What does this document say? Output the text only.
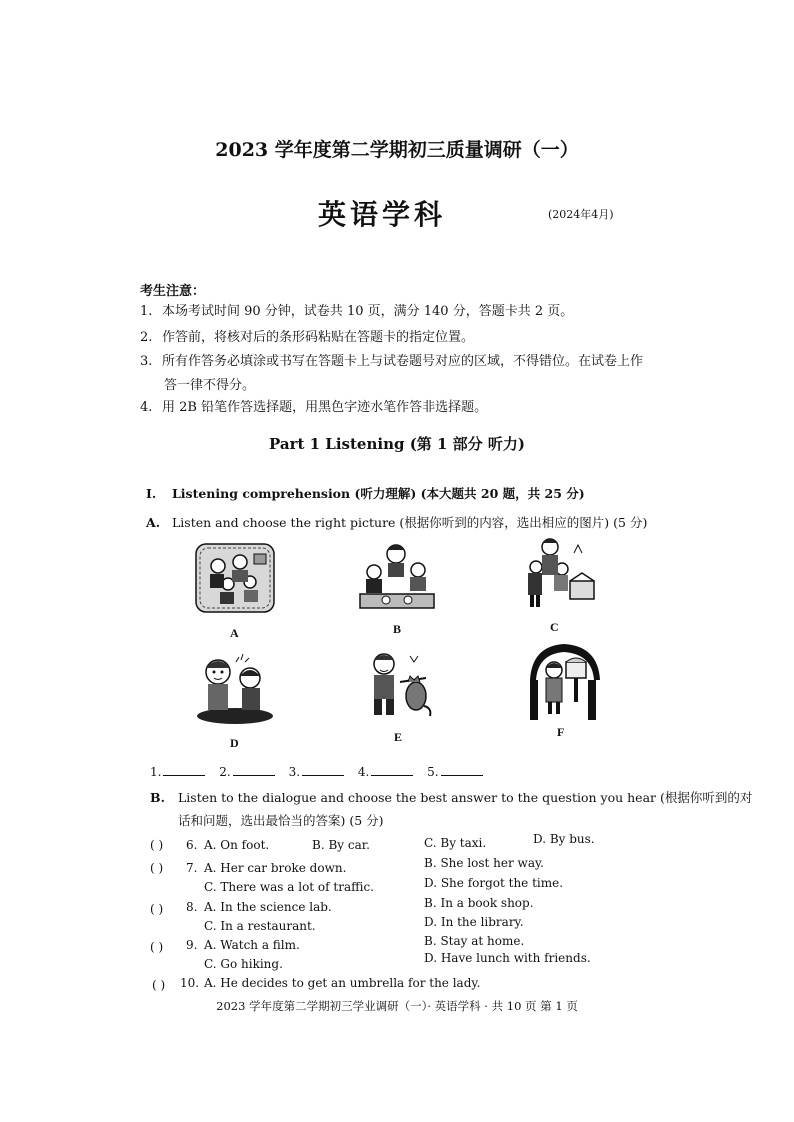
2023 学年度第二学期初三质量调研（一）
英语学科	(2024年4月)
考生注意：
1. 本场考试时间 90 分钟，试卷共 10 页，满分 140 分，答题卡共 2 页。
2. 作答前，将核对后的条形码粘贴在答题卡的指定位置。
3. 所有作答务必填涂或书写在答题卡上与试卷题号对应的区域，不得错位。在试卷上作
答一律不得分。
4. 用 2B 铅笔作答选择题，用黑色字迹水笔作答非选择题。
Part 1 Listening (第 1 部分 听力)
I. Listening comprehension (听力理解) (本大题共 20 题，共 25 分)
A. Listen and choose the right picture (根据你听到的内容，选出相应的图片) (5 分)
A	B	C
D	E	F
1.	2.	3.	4.	5.
B. Listen to the dialogue and choose the best answer to the question you hear (根据你听到的对
话和问题，选出最恰当的答案) (5 分)
( )	6. A. On foot.	B. By car.	C. By taxi.	D. By bus.
( )	7. A. Her car broke down.	B. She lost her way.
C. There was a lot of traffic.	D. She forgot the time.
( )	8. A. In the science lab.	B. In a book shop.
C. In a restaurant.	D. In the library.
( )	9. A. Watch a film.	B. Stay at home.
C. Go hiking.	D. Have lunch with friends.
( )	10. A. He decides to get an umbrella for the lady.
2023 学年度第二学期初三学业调研（一）· 英语学科 · 共 10 页 第 1 页
